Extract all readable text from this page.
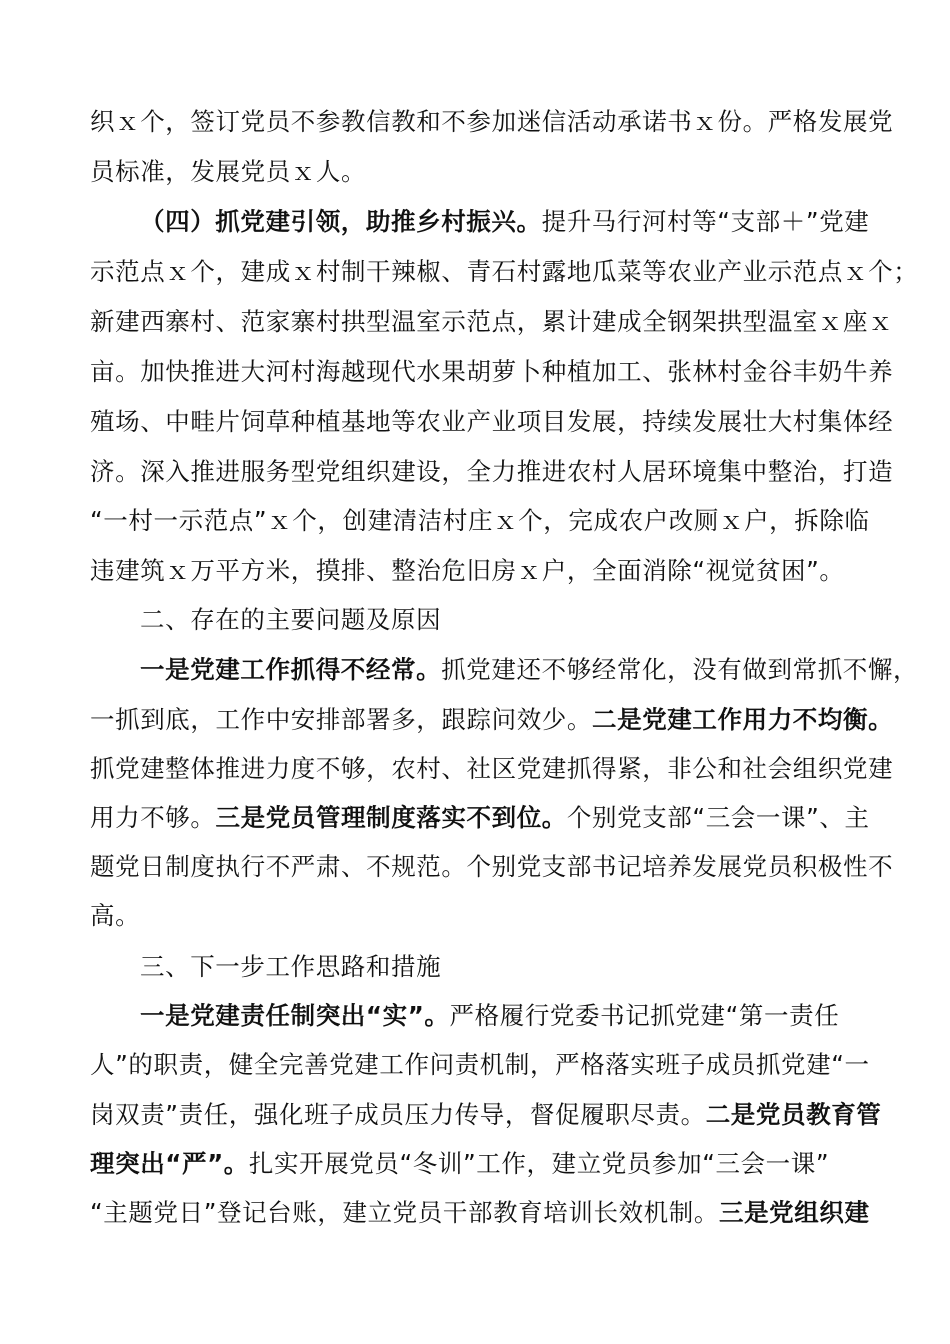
织ｘ个，签订党员不参教信教和不参加迷信活动承诺书ｘ份。严格发展党
员标准，发展党员ｘ人。
（四）抓党建引领，助推乡村振兴。提升马行河村等“支部＋”党建
示范点ｘ个，建成ｘ村制干辣椒、青石村露地瓜菜等农业产业示范点ｘ个；
新建西寨村、范家寨村拱型温室示范点，累计建成全钢架拱型温室ｘ座ｘ
亩。加快推进大河村海越现代水果胡萝卜种植加工、张林村金谷丰奶牛养
殖场、中畦片饲草种植基地等农业产业项目发展，持续发展壮大村集体经
济。深入推进服务型党组织建设，全力推进农村人居环境集中整治，打造
“一村一示范点”ｘ个，创建清洁村庄ｘ个，完成农户改厕ｘ户，拆除临
违建筑ｘ万平方米，摸排、整治危旧房ｘ户，全面消除“视觉贫困”。
二、存在的主要问题及原因
一是党建工作抓得不经常。抓党建还不够经常化，没有做到常抓不懈，
一抓到底，工作中安排部署多，跟踪问效少。二是党建工作用力不均衡。
抓党建整体推进力度不够，农村、社区党建抓得紧，非公和社会组织党建
用力不够。三是党员管理制度落实不到位。个别党支部“三会一课”、主
题党日制度执行不严肃、不规范。个别党支部书记培养发展党员积极性不
高。
三、下一步工作思路和措施
一是党建责任制突出“实”。严格履行党委书记抓党建“第一责任
人”的职责，健全完善党建工作问责机制，严格落实班子成员抓党建“一
岗双责”责任，强化班子成员压力传导，督促履职尽责。二是党员教育管
理突出“严”。扎实开展党员“冬训”工作，建立党员参加“三会一课”
“主题党日”登记台账，建立党员干部教育培训长效机制。三是党组织建
